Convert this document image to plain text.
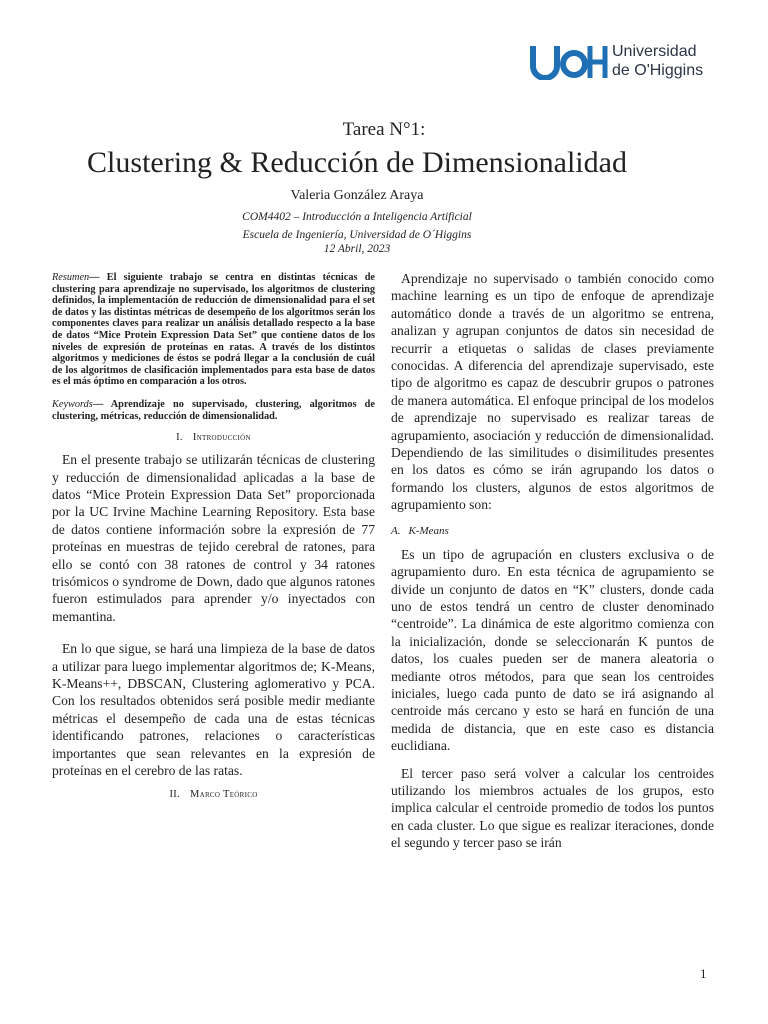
Universidad
de O'Higgins
Tarea N°1:
Clustering & Reducción de Dimensionalidad
Valeria González Araya
COM4402 – Introducción a Inteligencia Artificial
Escuela de Ingeniería, Universidad de O´Higgins
12 Abril, 2023

Resumen— El siguiente trabajo se centra en distintas técnicas de clustering para aprendizaje no supervisado, los algoritmos de clustering definidos, la implementación de reducción de dimensionalidad para el set de datos y las distintas métricas de desempeño de los algoritmos serán los componentes claves para realizar un análisis detallado respecto a la base de datos “Mice Protein Expression Data Set” que contiene datos de los niveles de expresión de proteínas en ratas. A través de los distintos algoritmos y mediciones de éstos se podrá llegar a la conclusión de cuál de los algoritmos de clasificación implementados para esta base de datos es el más óptimo en comparación a los otros.

Keywords— Aprendizaje no supervisado, clustering, algoritmos de clustering, métricas, reducción de dimensionalidad.

I. Introducción

En el presente trabajo se utilizarán técnicas de clustering y reducción de dimensionalidad aplicadas a la base de datos “Mice Protein Expression Data Set” proporcionada por la UC Irvine Machine Learning Repository. Esta base de datos contiene información sobre la expresión de 77 proteínas en muestras de tejido cerebral de ratones, para ello se contó con 38 ratones de control y 34 ratones trisómicos o syndrome de Down, dado que algunos ratones fueron estimulados para aprender y/o inyectados con memantina.

En lo que sigue, se hará una limpieza de la base de datos a utilizar para luego implementar algoritmos de; K-Means, K-Means++, DBSCAN, Clustering aglomerativo y PCA. Con los resultados obtenidos será posible medir mediante métricas el desempeño de cada una de estas técnicas identificando patrones, relaciones o características importantes que sean relevantes en la expresión de proteínas en el cerebro de las ratas.

II. Marco Teórico

Aprendizaje no supervisado o también conocido como machine learning es un tipo de enfoque de aprendizaje automático donde a través de un algoritmo se entrena, analizan y agrupan conjuntos de datos sin necesidad de recurrir a etiquetas o salidas de clases previamente conocidas. A diferencia del aprendizaje supervisado, este tipo de algoritmo es capaz de descubrir grupos o patrones de manera automática. El enfoque principal de los modelos de aprendizaje no supervisado es realizar tareas de agrupamiento, asociación y reducción de dimensionalidad. Dependiendo de las similitudes o disimilitudes presentes en los datos es cómo se irán agrupando los datos o formando los clusters, algunos de estos algoritmos de agrupamiento son:

A. K-Means

Es un tipo de agrupación en clusters exclusiva o de agrupamiento duro. En esta técnica de agrupamiento se divide un conjunto de datos en “K” clusters, donde cada uno de estos tendrá un centro de cluster denominado “centroide”. La dinámica de este algoritmo comienza con la inicialización, donde se seleccionarán K puntos de datos, los cuales pueden ser de manera aleatoria o mediante otros métodos, para que sean los centroides iniciales, luego cada punto de dato se irá asignando al centroide más cercano y esto se hará en función de una medida de distancia, que en este caso es distancia euclidiana.

El tercer paso será volver a calcular los centroides utilizando los miembros actuales de los grupos, esto implica calcular el centroide promedio de todos los puntos en cada cluster. Lo que sigue es realizar iteraciones, donde el segundo y tercer paso se irán

1
